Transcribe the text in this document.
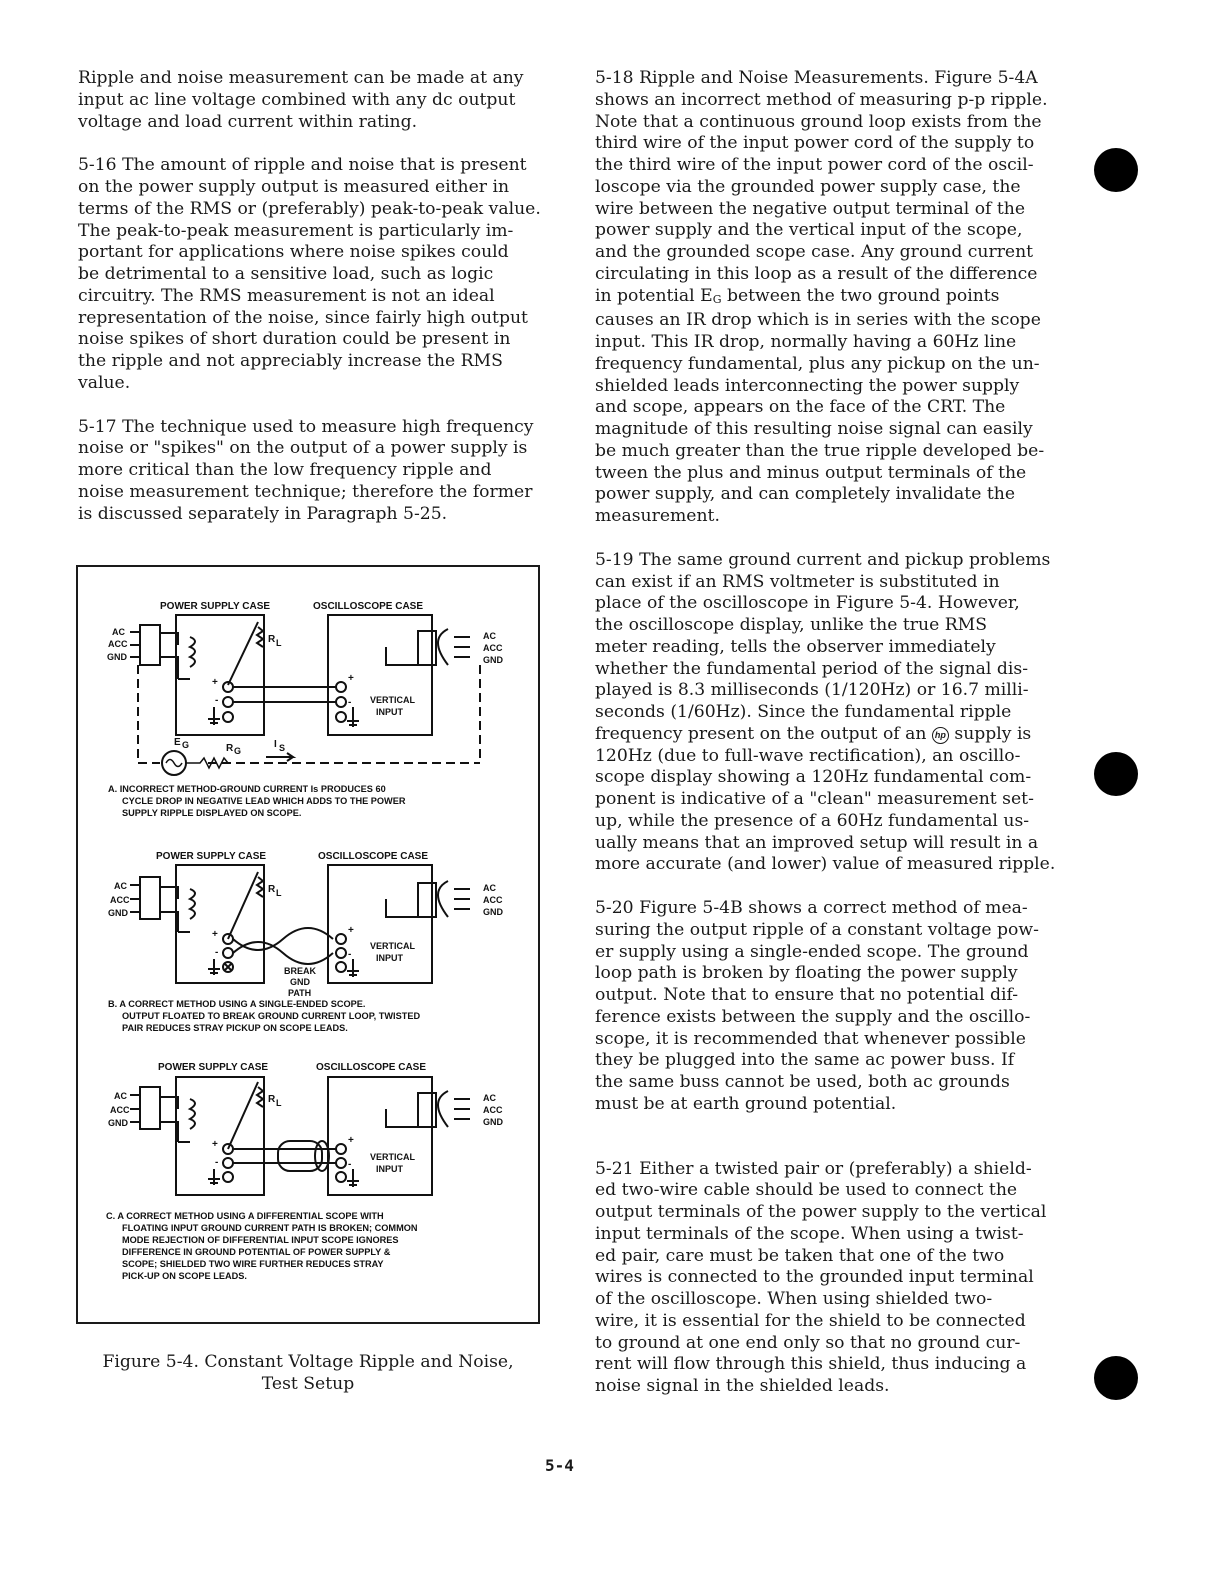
Ripple and noise measurement can be made at any
input ac line voltage combined with any dc output
voltage and load current within rating.

5-16 The amount of ripple and noise that is present
on the power supply output is measured either in
terms of the RMS or (preferably) peak-to-peak value.
The peak-to-peak measurement is particularly im-
portant for applications where noise spikes could
be detrimental to a sensitive load, such as logic
circuitry. The RMS measurement is not an ideal
representation of the noise, since fairly high output
noise spikes of short duration could be present in
the ripple and not appreciably increase the RMS
value.

5-17 The technique used to measure high frequency
noise or "spikes" on the output of a power supply is
more critical than the low frequency ripple and
noise measurement technique; therefore the former
is discussed separately in Paragraph 5-25.

POWER SUPPLY CASE	OSCILLOSCOPE CASE
AC
ACC
GND
R L
+
-
+
- VERTICAL
INPUT
AC
ACC
GND
E G	R G
I S
A. INCORRECT METHOD-GROUND CURRENT Is PRODUCES 60
CYCLE DROP IN NEGATIVE LEAD WHICH ADDS TO THE POWER
SUPPLY RIPPLE DISPLAYED ON SCOPE.
POWER SUPPLY CASE	OSCILLOSCOPE CASE
AC
ACC
GND
R L
+
-
BREAK
GND
PATH
+
-
VERTICAL
INPUT
AC
ACC
GND
B. A CORRECT METHOD USING A SINGLE-ENDED SCOPE.
OUTPUT FLOATED TO BREAK GROUND CURRENT LOOP, TWISTED
PAIR REDUCES STRAY PICKUP ON SCOPE LEADS.
POWER SUPPLY CASE	OSCILLOSCOPE CASE
AC
ACC
GND
R L
+
-
+
-
VERTICAL
INPUT
AC
ACC
GND
C. A CORRECT METHOD USING A DIFFERENTIAL SCOPE WITH
FLOATING INPUT GROUND CURRENT PATH IS BROKEN; COMMON
MODE REJECTION OF DIFFERENTIAL INPUT SCOPE IGNORES
DIFFERENCE IN GROUND POTENTIAL OF POWER SUPPLY &
SCOPE; SHIELDED TWO WIRE FURTHER REDUCES STRAY
PICK-UP ON SCOPE LEADS.
Figure 5-4. Constant Voltage Ripple and Noise,
Test Setup

5-18 Ripple and Noise Measurements. Figure 5-4A
shows an incorrect method of measuring p-p ripple.
Note that a continuous ground loop exists from the
third wire of the input power cord of the supply to
the third wire of the input power cord of the oscil-
loscope via the grounded power supply case, the
wire between the negative output terminal of the
power supply and the vertical input of the scope,
and the grounded scope case. Any ground current
circulating in this loop as a result of the difference
in potential EG between the two ground points
causes an IR drop which is in series with the scope
input. This IR drop, normally having a 60Hz line
frequency fundamental, plus any pickup on the un-
shielded leads interconnecting the power supply
and scope, appears on the face of the CRT. The
magnitude of this resulting noise signal can easily
be much greater than the true ripple developed be-
tween the plus and minus output terminals of the
power supply, and can completely invalidate the
measurement.

5-19 The same ground current and pickup problems
can exist if an RMS voltmeter is substituted in
place of the oscilloscope in Figure 5-4. However,
the oscilloscope display, unlike the true RMS
meter reading, tells the observer immediately
whether the fundamental period of the signal dis-
played is 8.3 milliseconds (1/120Hz) or 16.7 milli-
seconds (1/60Hz). Since the fundamental ripple
frequency present on the output of an hp supply is
120Hz (due to full-wave rectification), an oscillo-
scope display showing a 120Hz fundamental com-
ponent is indicative of a "clean" measurement set-
up, while the presence of a 60Hz fundamental us-
ually means that an improved setup will result in a
more accurate (and lower) value of measured ripple.

5-20 Figure 5-4B shows a correct method of mea-
suring the output ripple of a constant voltage pow-
er supply using a single-ended scope. The ground
loop path is broken by floating the power supply
output. Note that to ensure that no potential dif-
ference exists between the supply and the oscillo-
scope, it is recommended that whenever possible
they be plugged into the same ac power buss. If
the same buss cannot be used, both ac grounds
must be at earth ground potential.

5-21 Either a twisted pair or (preferably) a shield-
ed two-wire cable should be used to connect the
output terminals of the power supply to the vertical
input terminals of the scope. When using a twist-
ed pair, care must be taken that one of the two
wires is connected to the grounded input terminal
of the oscilloscope. When using shielded two-
wire, it is essential for the shield to be connected
to ground at one end only so that no ground cur-
rent will flow through this shield, thus inducing a
noise signal in the shielded leads.

5-4
